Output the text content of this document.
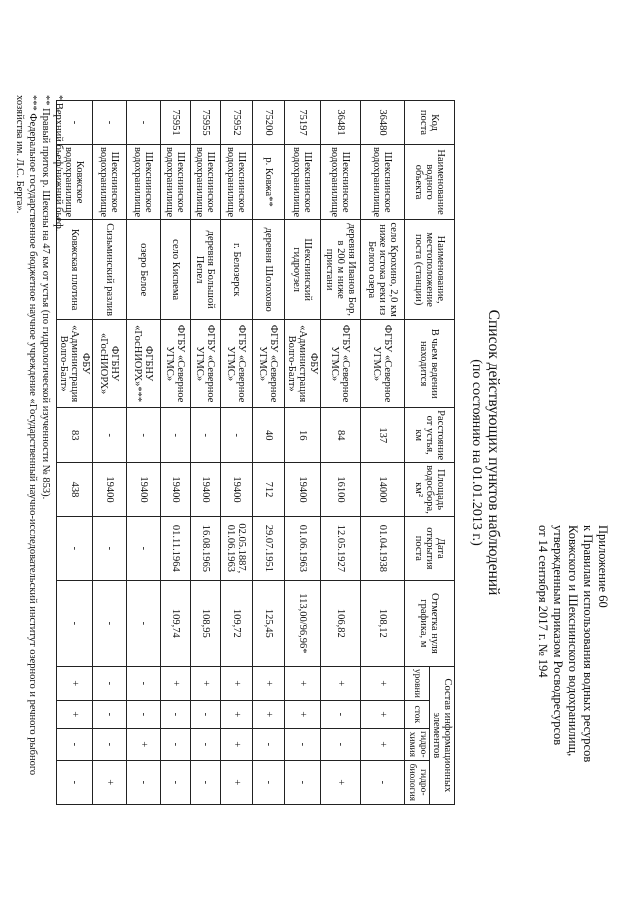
Приложение 60
к Правилам использования водных ресурсов
Ковжского и Шекснинского водохранилищ,
утвержденным приказом Росводресурсов
от 14 сентября 2017 г. № 194
Список действующих пунктов наблюдений
(по состоянию на 01.01.2013 г.)
Код поста	Наименование водного объекта	Наименование, местоположение поста (станции)	В чьем ведении находится	Расстояние от устья, км	Площадь водосбора, км²	Дата открытия поста	Отметка нуля графика, м	Состав информационных элементов			
								уровни	сток	гидро-химия	гидро-биология
36480	Шекснинское водохранилище	село Крохино, 2,0 км ниже истока реки из Белого озера	ФГБУ «Северное УГМС»	137	14000	01.04.1938	108,12	+	+	+	-
36481	Шекснинское водохранилище	деревня Иванов Бор, в 200 м ниже пристани	ФГБУ «Северное УГМС»	84	16100	12.05.1927	106,82	+	-	-	+
75197	Шекснинское водохранилище	Шекснинский гидроузел	ФБУ «Администрация Волго-Балт»	16	19400	01.06.1963	113,00/96,96*	+	+	-	-
75200	р. Ковжа**	деревня Шолохово	ФГБУ «Северное УГМС»	40	712	29.07.1951	125,45	+	+	-	-
75952	Шекснинское водохранилище	г. Белозерск	ФГБУ «Северное УГМС»	-	19400	02.05.1887, 01.06.1963	109,72	+	+	+	+
75955	Шекснинское водохранилище	деревня Большой Пепел	ФГБУ «Северное УГМС»	-	19400	16.08.1965	108,95	+	-	-	-
75951	Шекснинское водохранилище	село Кисnема	ФГБУ «Северное УГМС»	-	19400	01.11.1964	109,74	+	-	-	-
-	Шекснинское водохранилище	озеро Белое	ФГБНУ «ГосНИОРХ»***	-	19400	-	-	-	-	+	-
-	Шекснинское водохранилище	Сизьминский разлив	ФГБНУ «ГосНИОРХ»	-	19400	-	-	-	-	-	+
-	Ковжское водохранилище	Ковжская плотина	ФБУ «Администрация Волго-Балт»	83	438	-	-	+	+	-	-
* Верхний бьеф/нижний бьеф.
** Правый приток р. Шексны на 47 км от устья (по гидрологической изученности № 853).
*** Федеральное государственное бюджетное научное учреждение «Государственный научно-исследовательский институт озерного и речного рыбного
хозяйства им. Л.С. Берга».
